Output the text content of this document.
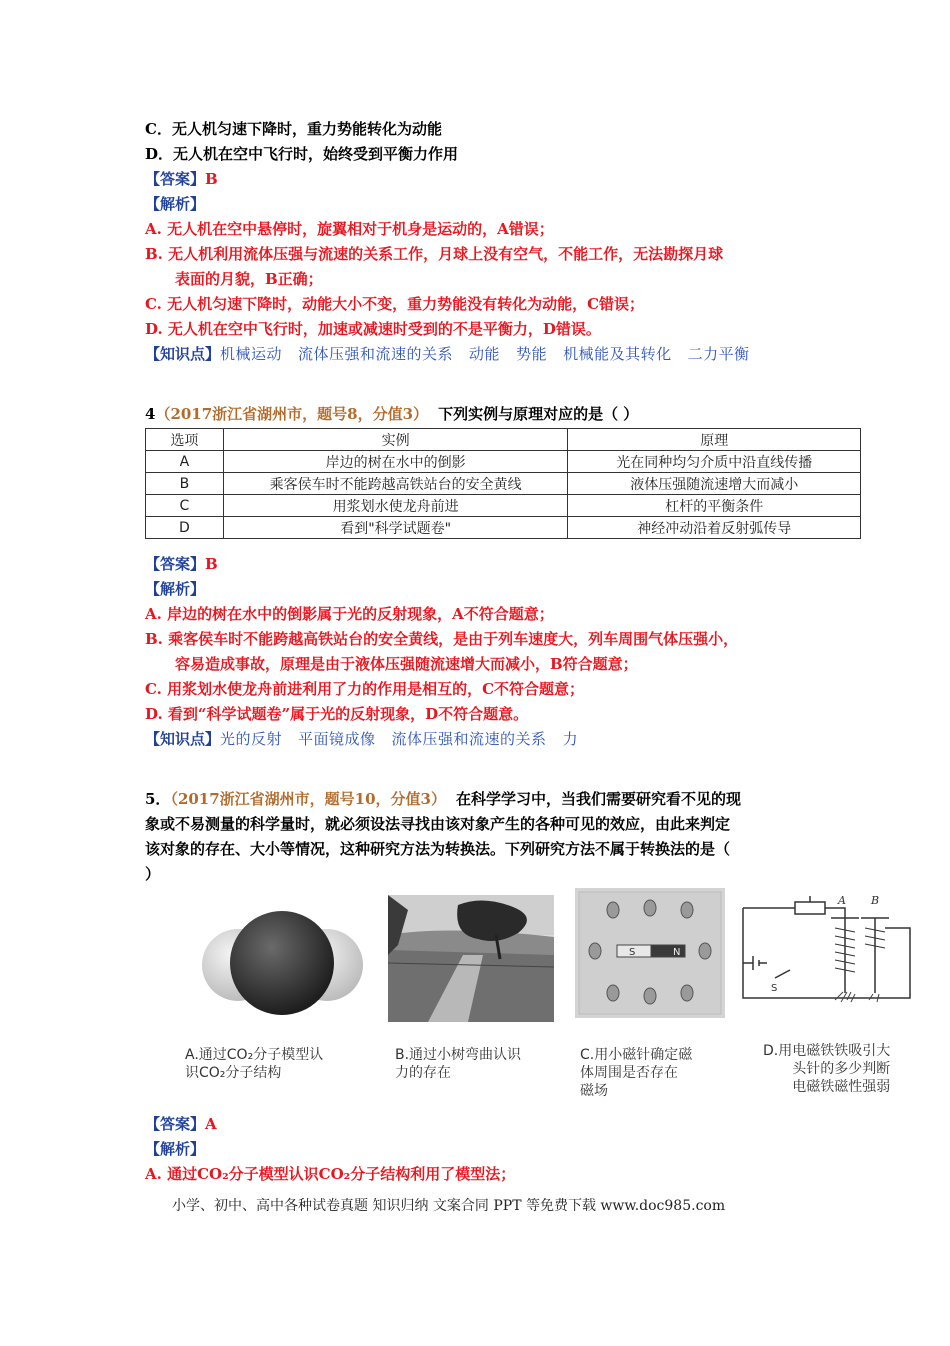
C．无人机匀速下降时，重力势能转化为动能
D．无人机在空中飞行时，始终受到平衡力作用
【答案】B
【解析】
A. 无人机在空中悬停时，旋翼相对于机身是运动的，A错误；
B. 无人机利用流体压强与流速的关系工作，月球上没有空气，不能工作，无法勘探月球
表面的月貌，B正确；
C. 无人机匀速下降时，动能大小不变，重力势能没有转化为动能，C错误；
D. 无人机在空中飞行时，加速或减速时受到的不是平衡力，D错误。
【知识点】机械运动 流体压强和流速的关系 动能 势能 机械能及其转化 二力平衡
4（2017浙江省湖州市，题号8，分值3） 下列实例与原理对应的是（ ）
选项	实例	原理
A	岸边的树在水中的倒影	光在同种均匀介质中沿直线传播
B	乘客侯车时不能跨越高铁站台的安全黄线	液体压强随流速增大而减小
C	用浆划水使龙舟前进	杠杆的平衡条件
D	看到"科学试题卷"	神经冲动沿着反射弧传导
【答案】B
【解析】
A. 岸边的树在水中的倒影属于光的反射现象，A不符合题意；
B. 乘客侯车时不能跨越高铁站台的安全黄线，是由于列车速度大，列车周围气体压强小，
容易造成事故，原理是由于液体压强随流速增大而减小，B符合题意；
C. 用浆划水使龙舟前进利用了力的作用是相互的，C不符合题意；
D. 看到“科学试题卷”属于光的反射现象，D不符合题意。
【知识点】光的反射 平面镜成像 流体压强和流速的关系 力
5．（2017浙江省湖州市，题号10，分值3） 在科学学习中，当我们需要研究看不见的现
象或不易测量的科学量时，就必须设法寻找由该对象产生的各种可见的效应，由此来判定
该对象的存在、大小等情况，这种研究方法为转换法。下列研究方法不属于转换法的是（
）
S	N
A B
S
A.通过CO₂分子模型认
识CO₂分子结构
B.通过小树弯曲认识
力的存在
C.用小磁针确定磁
体周围是否存在
磁场
D.用电磁铁铁吸引大
头针的多少判断
电磁铁磁性强弱
【答案】A
【解析】
A. 通过CO₂分子模型认识CO₂分子结构利用了模型法；
小学、初中、高中各种试卷真题 知识归纳 文案合同 PPT 等免费下载 www.doc985.com
